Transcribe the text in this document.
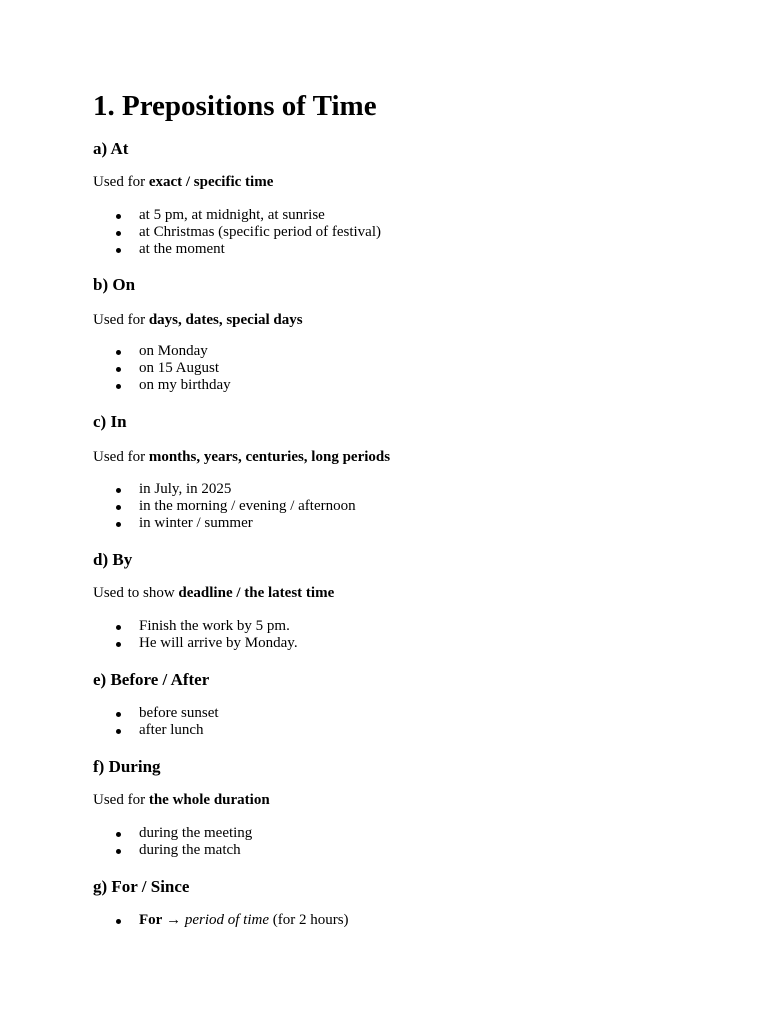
1. Prepositions of Time
a) At

Used for exact / specific time

at 5 pm, at midnight, at sunrise
at Christmas (specific period of festival)
at the moment
b) On

Used for days, dates, special days

on Monday
on 15 August
on my birthday
c) In

Used for months, years, centuries, long periods

in July, in 2025
in the morning / evening / afternoon
in winter / summer
d) By

Used to show deadline / the latest time

Finish the work by 5 pm.
He will arrive by Monday.
e) Before / After
before sunset
after lunch
f) During

Used for the whole duration

during the meeting
during the match
g) For / Since
For → period of time (for 2 hours)
